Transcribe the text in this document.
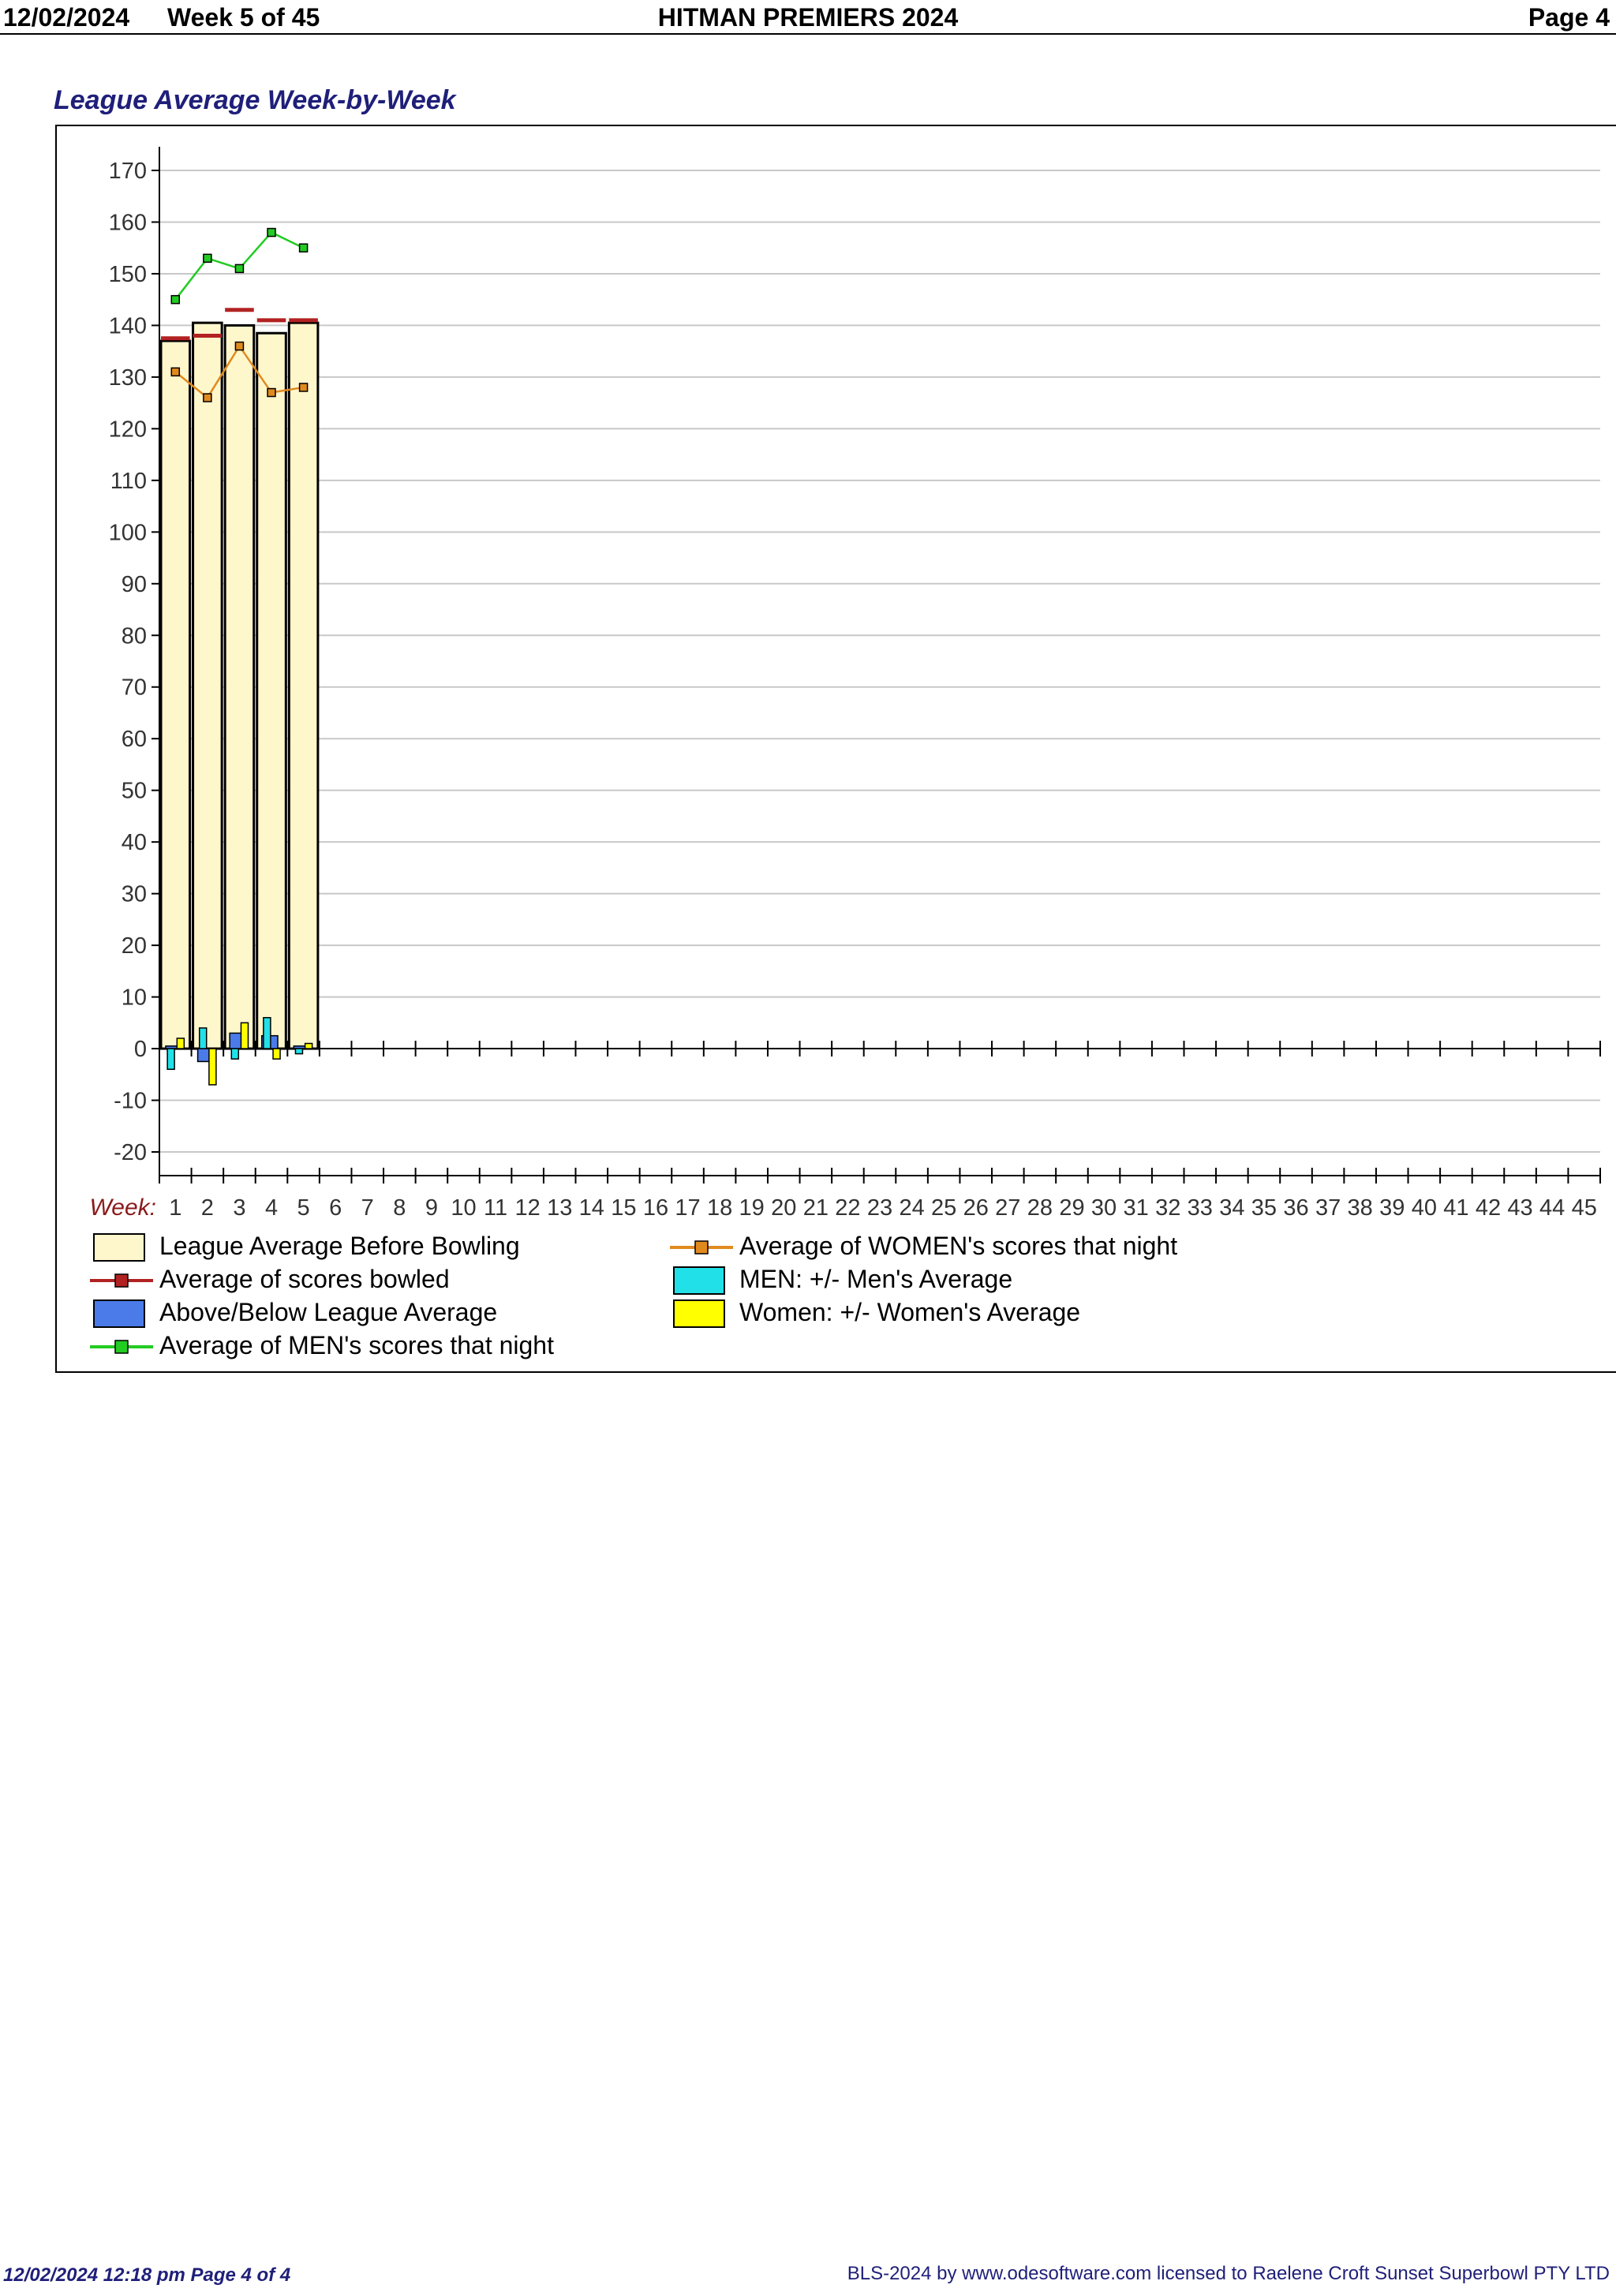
12/02/2024 Week 5 of 45	HITMAN PREMIERS 2024	Page 4
League Average Week-by-Week
170
160
150
140
130
120
110
100
90
80
70
60
50
40
30
20
10
0
-10
-20
Week: 1 2 3 4 5 6 7 8 9 10 11 12 13 14 15 16 17 18 19 20 21 22 23 24 25 26 27 28 29 30 31 32 33 34 35 36 37 38 39 40 41 42 43 44 45
League Average Before Bowling	Average of WOMEN's scores that night
Average of scores bowled	MEN: +/- Men's Average
Above/Below League Average	Women: +/- Women's Average
Average of MEN's scores that night
12/02/2024 12:18 pm Page 4 of 4	BLS-2024 by www.odesoftware.com licensed to Raelene Croft Sunset Superbowl PTY LTD
